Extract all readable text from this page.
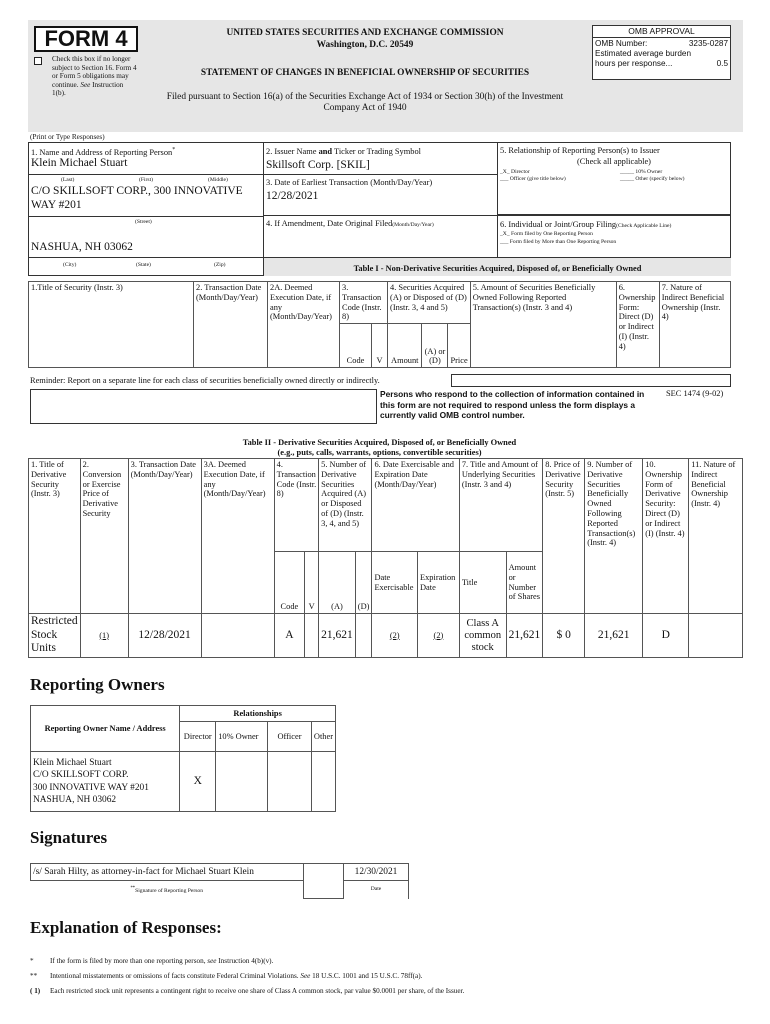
FORM 4
Check this box if no longer subject to Section 16. Form 4 or Form 5 obligations may continue. See Instruction 1(b).
UNITED STATES SECURITIES AND EXCHANGE COMMISSION
Washington, D.C. 20549
STATEMENT OF CHANGES IN BENEFICIAL OWNERSHIP OF SECURITIES
Filed pursuant to Section 16(a) of the Securities Exchange Act of 1934 or Section 30(h) of the Investment Company Act of 1940
OMB APPROVAL
OMB Number:	3235-0287
Estimated average burden
hours per response...	0.5
(Print or Type Responses)
1. Name and Address of Reporting Person*
Klein Michael Stuart
(Last)	(First)	(Middle)
C/O SKILLSOFT CORP., 300 INNOVATIVE WAY #201
(Street)
NASHUA, NH 03062
(City)	(State)	(Zip)
2. Issuer Name and Ticker or Trading Symbol
Skillsoft Corp. [SKIL]
3. Date of Earliest Transaction (Month/Day/Year)
12/28/2021
4. If Amendment, Date Original Filed(Month/Day/Year)
5. Relationship of Reporting Person(s) to Issuer
(Check all applicable)
_X_ Director	_____ 10% Owner
___ Officer (give title below)	_____ Other (specify below)
6. Individual or Joint/Group Filing(Check Applicable Line)
_X_ Form filed by One Reporting Person
___ Form filed by More than One Reporting Person
Table I - Non-Derivative Securities Acquired, Disposed of, or Beneficially Owned
1.Title of Security (Instr. 3)	2. Transaction Date (Month/Day/Year)	2A. Deemed Execution Date, if any (Month/Day/Year)	3. Transaction Code (Instr. 8)		4. Securities Acquired (A) or Disposed of (D) (Instr. 3, 4 and 5)			5. Amount of Securities Beneficially Owned Following Reported Transaction(s) (Instr. 3 and 4)	6. Ownership Form: Direct (D) or Indirect (I) (Instr. 4)	7. Nature of Indirect Beneficial Ownership (Instr. 4)
			Code	V	Amount	(A) or (D)	Price			
Reminder: Report on a separate line for each class of securities beneficially owned directly or indirectly.
Persons who respond to the collection of information contained in this form are not required to respond unless the form displays a currently valid OMB control number.
SEC 1474 (9-02)
Table II - Derivative Securities Acquired, Disposed of, or Beneficially Owned
(e.g., puts, calls, warrants, options, convertible securities)
1. Title of Derivative Security (Instr. 3)	2. Conversion or Exercise Price of Derivative Security	3. Transaction Date (Month/Day/Year)	3A. Deemed Execution Date, if any (Month/Day/Year)	4. Transaction Code (Instr. 8)		5. Number of Derivative Securities Acquired (A) or Disposed of (D) (Instr. 3, 4, and 5)		6. Date Exercisable and Expiration Date (Month/Day/Year)		7. Title and Amount of Underlying Securities (Instr. 3 and 4)		8. Price of Derivative Security (Instr. 5)	9. Number of Derivative Securities Beneficially Owned Following Reported Transaction(s) (Instr. 4)	10. Ownership Form of Derivative Security: Direct (D) or Indirect (I) (Instr. 4)	11. Nature of Indirect Beneficial Ownership (Instr. 4)
				Code	V	(A)	(D)	Date Exercisable	Expiration Date	Title	Amount or Number of Shares				
Restricted Stock Units	(1)	12/28/2021		A		21,621		(2)	(2)	Class A common stock	21,621	$ 0	21,621	D	
Reporting Owners
Reporting Owner Name / Address	Relationships			
	Director	10% Owner	Officer	Other

Klein Michael Stuart
C/O SKILLSOFT CORP.
300 INNOVATIVE WAY #201
NASHUA, NH 03062	X			
Signatures
/s/ Sarah Hilty, as attorney-in-fact for Michael Stuart Klein		12/30/2021
**Signature of Reporting Person		Date
Explanation of Responses:
*	If the form is filed by more than one reporting person, see Instruction 4(b)(v).
**	Intentional misstatements or omissions of facts constitute Federal Criminal Violations. See 18 U.S.C. 1001 and 15 U.S.C. 78ff(a).
( 1)	Each restricted stock unit represents a contingent right to receive one share of Class A common stock, par value $0.0001 per share, of the Issuer.
